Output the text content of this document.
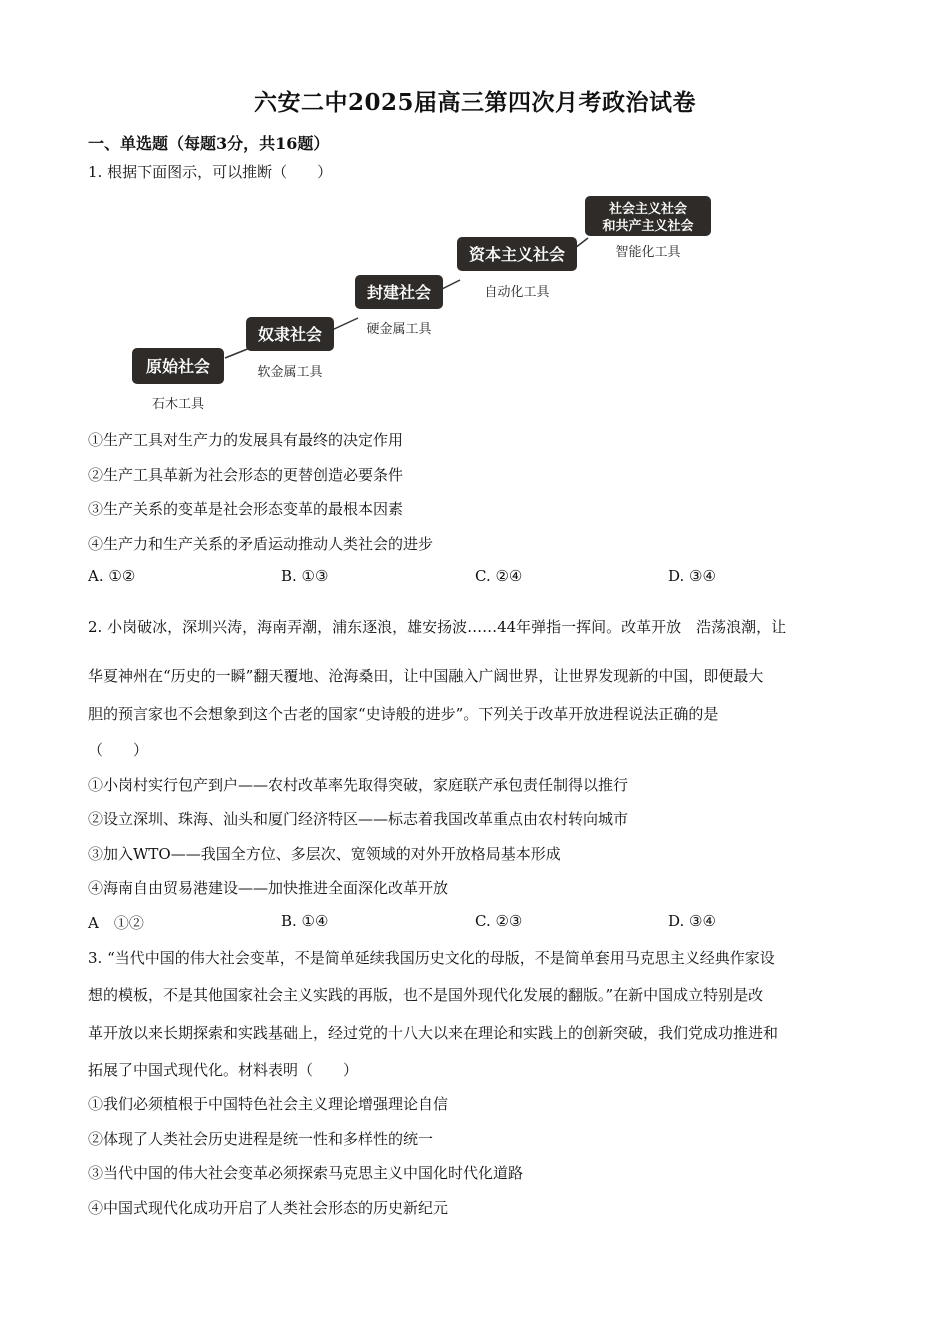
六安二中2025届高三第四次月考政治试卷
一、单选题（每题3分，共16题）
1. 根据下面图示，可以推断（　　）
原始社会
石木工具
奴隶社会
软金属工具
封建社会
硬金属工具
资本主义社会
自动化工具
社会主义社会
和共产主义社会
智能化工具
①生产工具对生产力的发展具有最终的决定作用
②生产工具革新为社会形态的更替创造必要条件
③生产关系的变革是社会形态变革的最根本因素
④生产力和生产关系的矛盾运动推动人类社会的进步
A. ①②	B. ①③	C. ②④	D. ③④
2. 小岗破冰，深圳兴涛，海南弄潮，浦东逐浪，雄安扬波……44年弹指一挥间。改革开放　浩荡浪潮，让
华夏神州在“历史的一瞬”翻天覆地、沧海桑田，让中国融入广阔世界，让世界发现新的中国，即便最大
胆的预言家也不会想象到这个古老的国家“史诗般的进步”。下列关于改革开放进程说法正确的是
（　　）
①小岗村实行包产到户——农村改革率先取得突破，家庭联产承包责任制得以推行
②设立深圳、珠海、汕头和厦门经济特区——标志着我国改革重点由农村转向城市
③加入WTO——我国全方位、多层次、宽领域的对外开放格局基本形成
④海南自由贸易港建设——加快推进全面深化改革开放
A　①②	B. ①④	C. ②③	D. ③④
3. “当代中国的伟大社会变革，不是简单延续我国历史文化的母版，不是简单套用马克思主义经典作家设
想的模板，不是其他国家社会主义实践的再版，也不是国外现代化发展的翻版。”在新中国成立特别是改
革开放以来长期探索和实践基础上，经过党的十八大以来在理论和实践上的创新突破，我们党成功推进和
拓展了中国式现代化。材料表明（　　）
①我们必须植根于中国特色社会主义理论增强理论自信
②体现了人类社会历史进程是统一性和多样性的统一
③当代中国的伟大社会变革必须探索马克思主义中国化时代化道路
④中国式现代化成功开启了人类社会形态的历史新纪元
